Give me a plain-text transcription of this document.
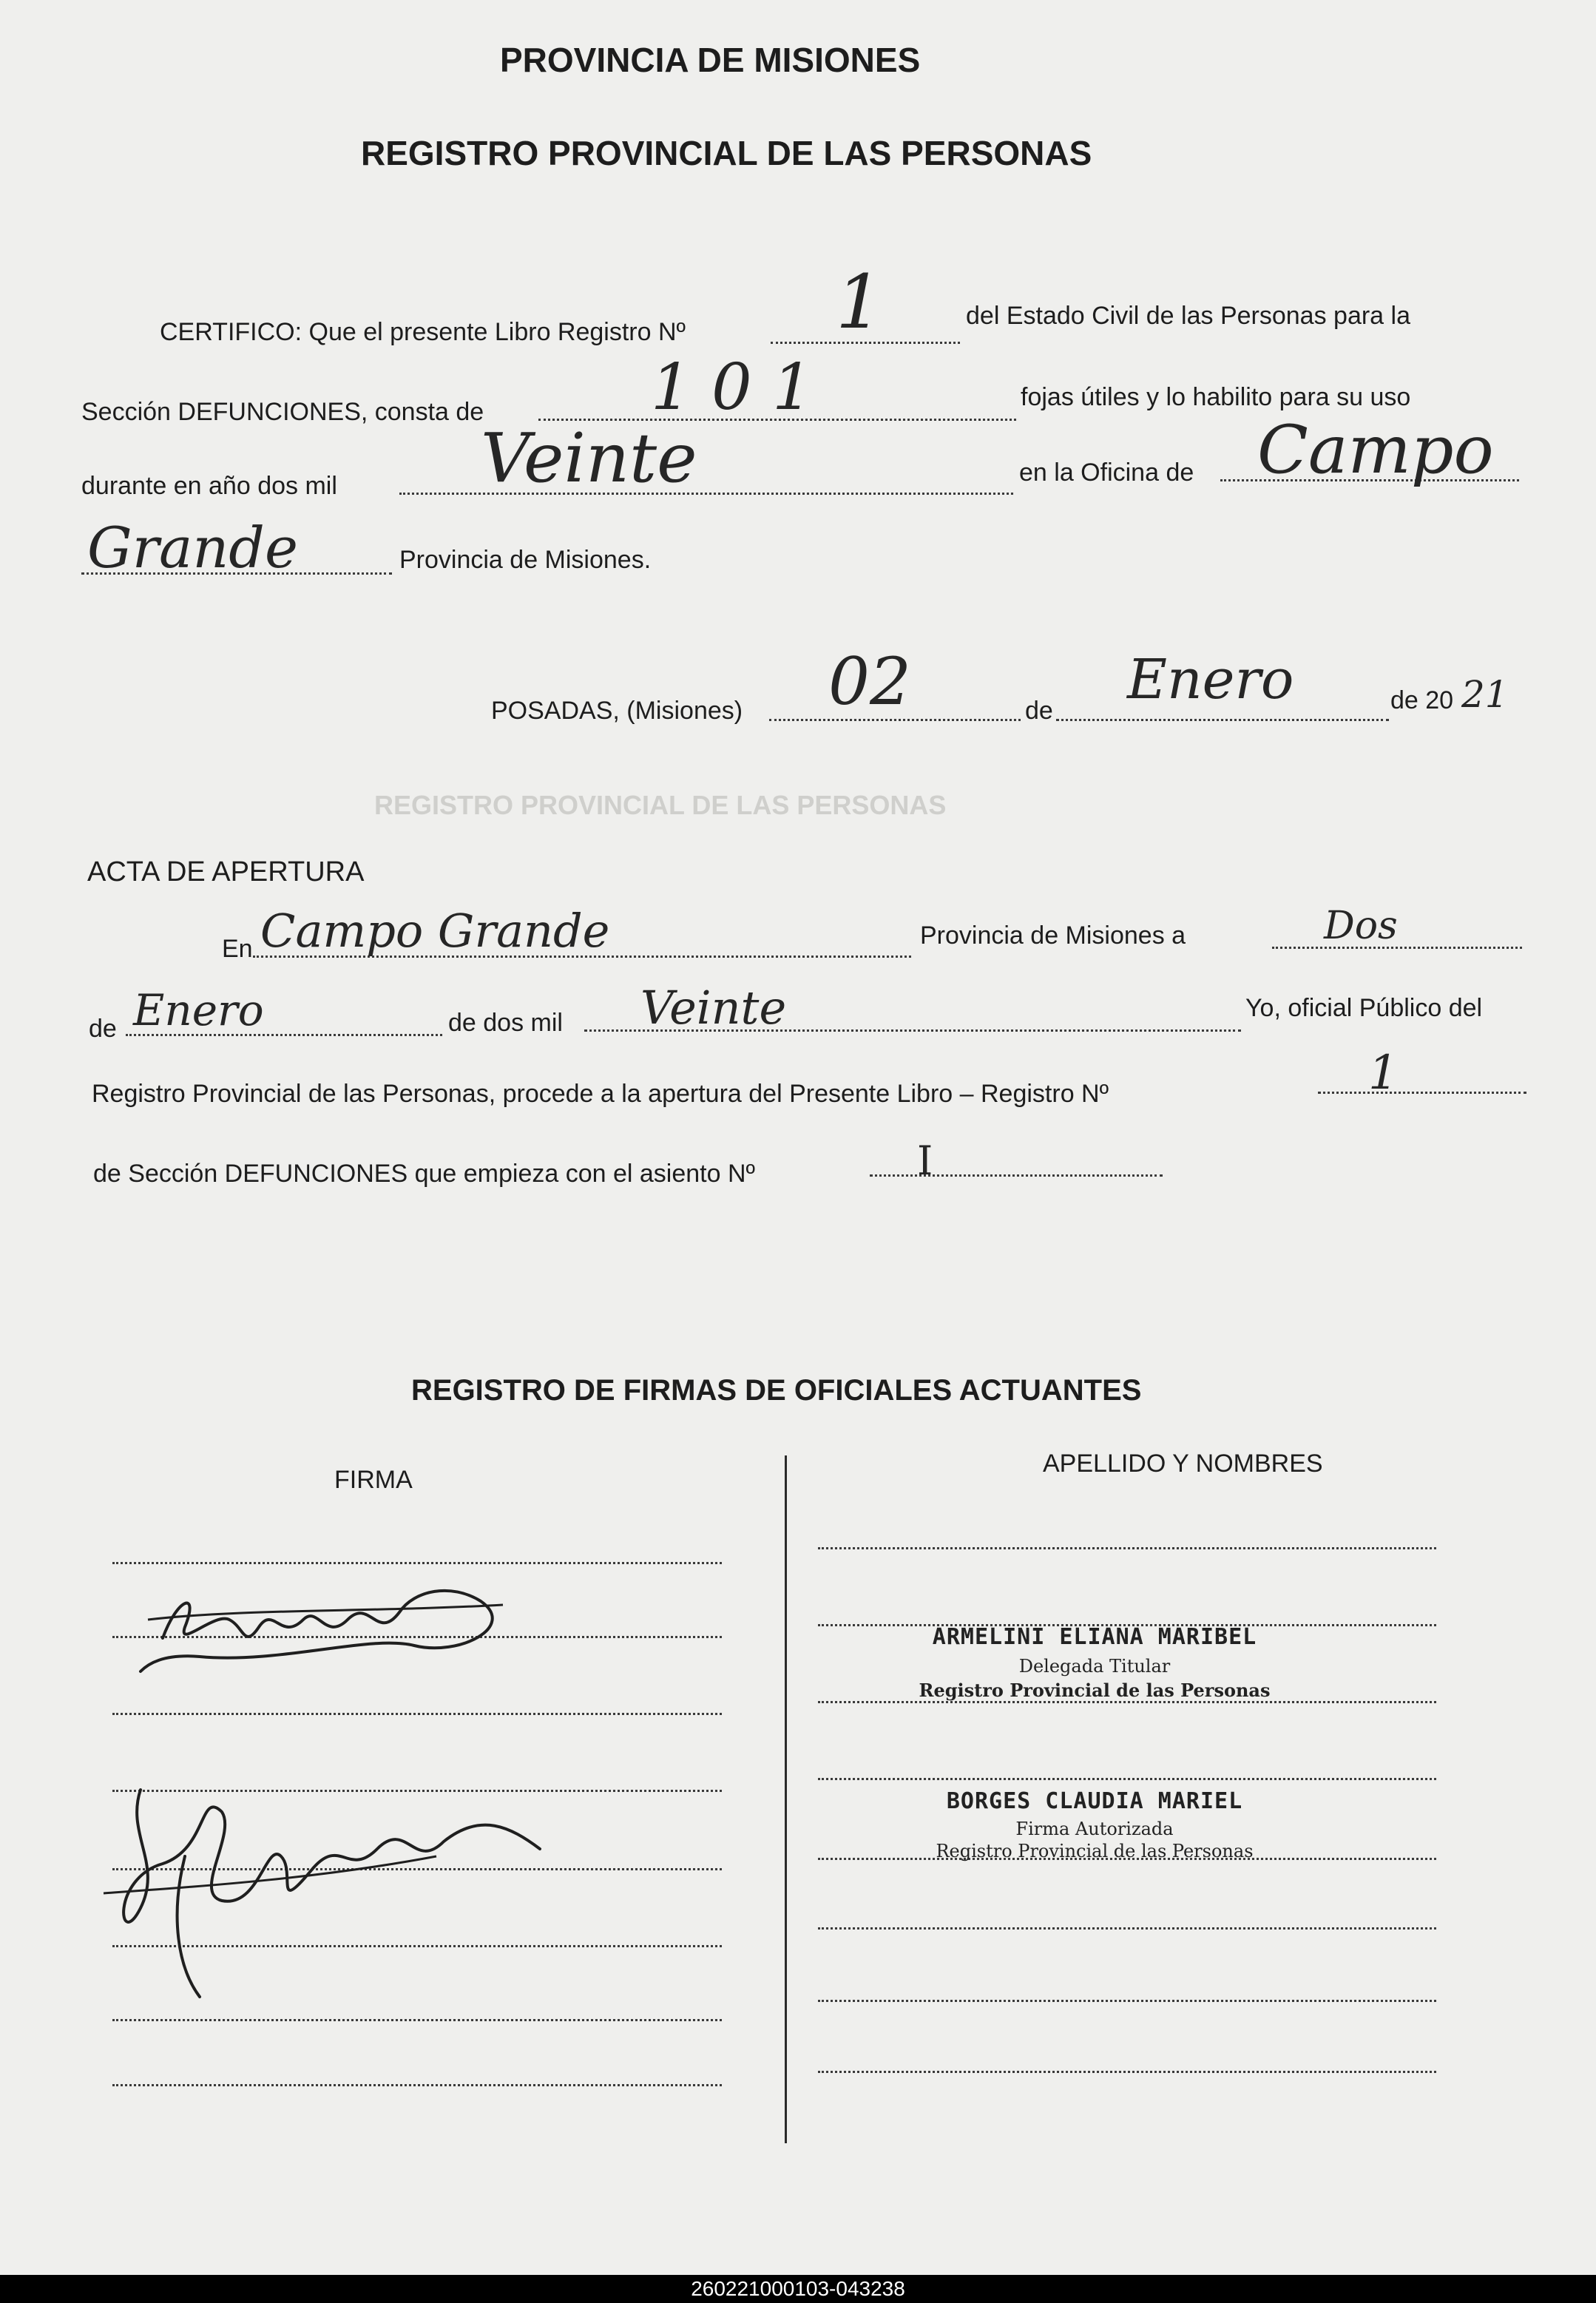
PROVINCIA DE MISIONES
REGISTRO PROVINCIAL DE LAS PERSONAS
CERTIFICO: Que el presente Libro Registro Nº 1	del Estado Civil de las Personas para la
Sección DEFUNCIONES, consta de	1 0 1	fojas útiles y lo habilito para su uso
durante en año dos mil Veinte	en la Oficina de Campo
Grande	Provincia de Misiones.
POSADAS, (Misiones) 02	de Enero	de 20 21
REGISTRO PROVINCIAL DE LAS PERSONAS
ACTA DE APERTURA
En Campo Grande	Provincia de Misiones a	Dos
de Enero	de dos mil Veinte	Yo, oficial Público del
Registro Provincial de las Personas, procede a la apertura del Presente Libro – Registro Nº	1
de Sección DEFUNCIONES que empieza con el asiento Nº	I
REGISTRO DE FIRMAS DE OFICIALES ACTUANTES
FIRMA
APELLIDO Y NOMBRES
ARMELINI ELIANA MARIBEL
Delegada Titular
Registro Provincial de las Personas
BORGES CLAUDIA MARIEL
Firma Autorizada
Registro Provincial de las Personas
260221000103-043238
